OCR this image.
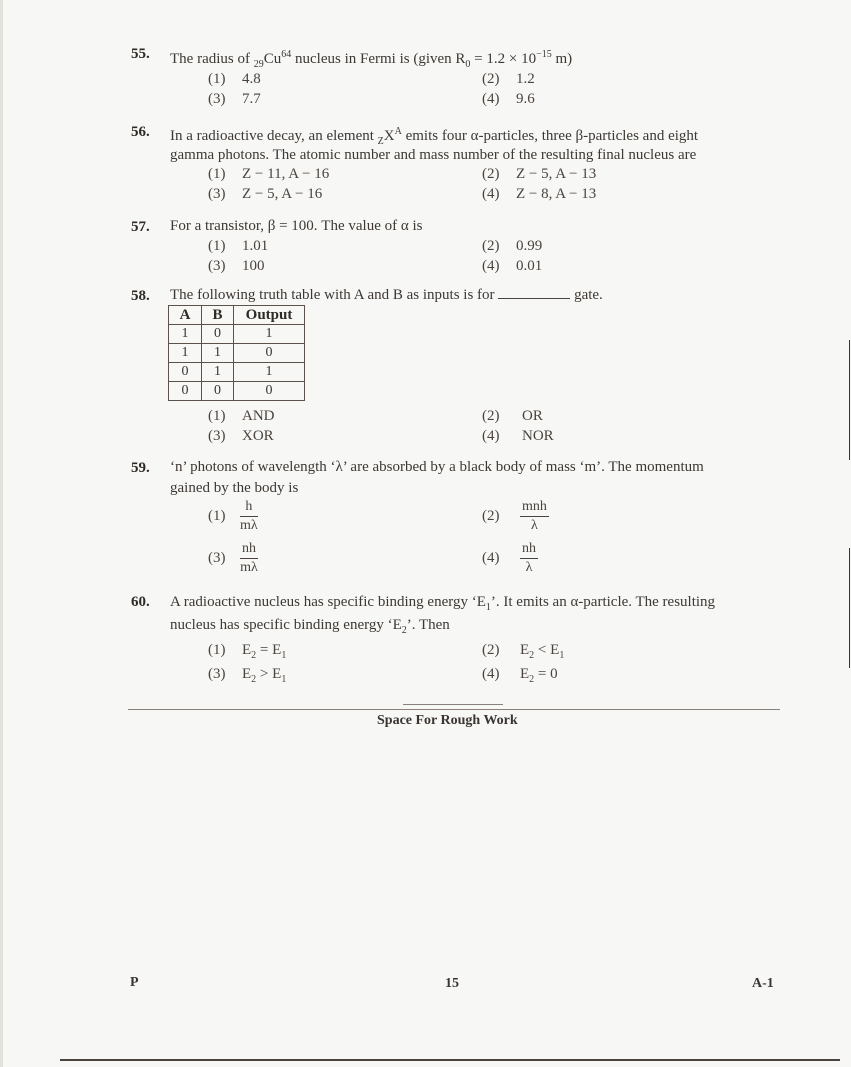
55. The radius of $_{29}Cu^{64}$ nucleus in Fermi is (given $R_0 = 1.2 \times 10^{-15}$ m)
(1) 4.8	(2) 1.2
(3) 7.7	(4) 9.6
56. In a radioactive decay, an element $_ZX^A$ emits four α-particles, three β-particles and eight
gamma photons. The atomic number and mass number of the resulting final nucleus are
(1) Z − 11, A − 16	(2) Z − 5, A − 13
(3) Z − 5, A − 16	(4) Z − 8, A − 13
57. For a transistor, β = 100. The value of α is
(1) 1.01	(2) 0.99
(3) 100	(4) 0.01
58. The following truth table with A and B as inputs is for	gate.
A	B	Output
1	0	1
1	1	0
0	1	1
0	0	0
(1) AND	(2) OR
(3) XOR	(4) NOR
59. ‘n’ photons of wavelength ‘λ’ are absorbed by a black body of mass ‘m’. The momentum
gained by the body is
$(1) \frac{h}{m\lambda}$	$(2) \frac{\text{mnh}}{\lambda}$
$(3) \frac{nh}{m\lambda}$	$(4) \frac{nh}{\lambda}$
60. A radioactive nucleus has specific binding energy ‘$E_1$’. It emits an α-particle. The resulting
nucleus has specific binding energy ‘$E_2$’. Then
(1) $E_2 = E_1$	(2) $E_2 < E_1$
(3) $E_2 > E_1$	(4) $E_2 = 0$
Space For Rough Work
P	15	A-1
